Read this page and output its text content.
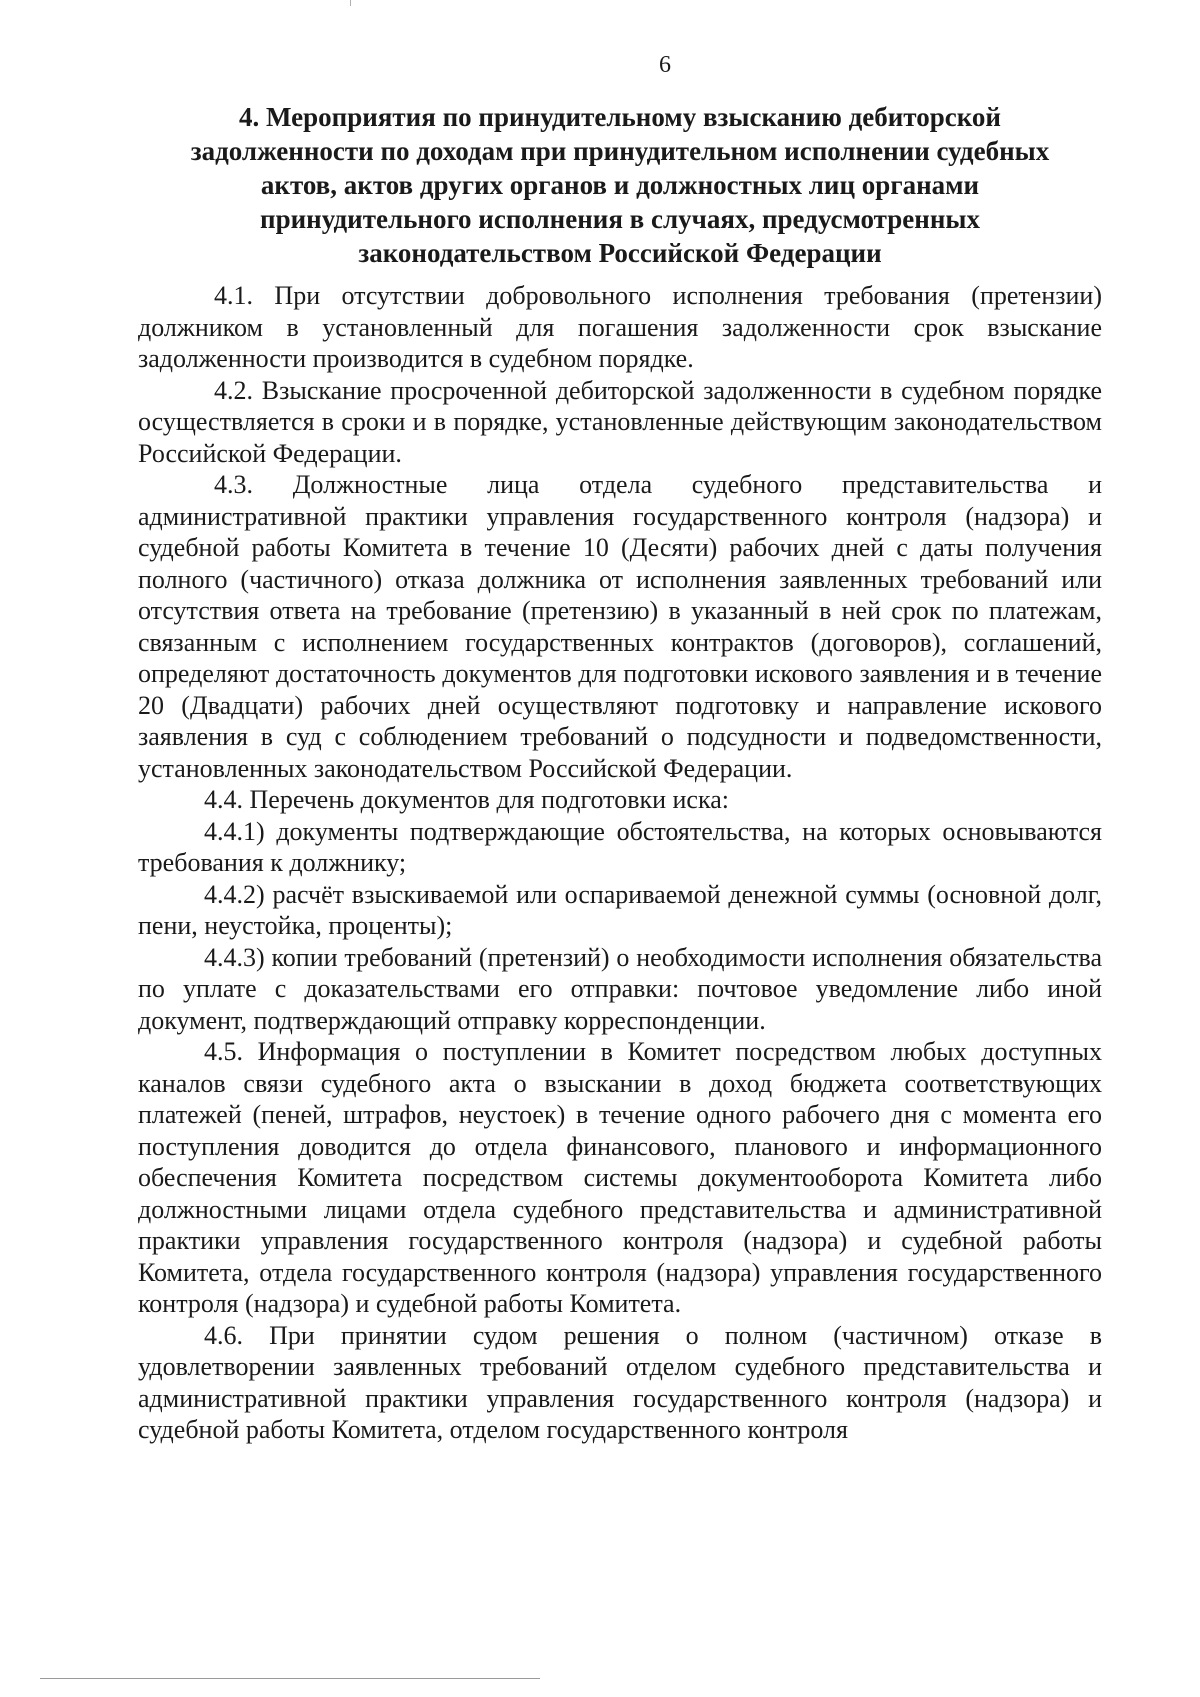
6
4. Мероприятия по принудительному взысканию дебиторской задолженности по доходам при принудительном исполнении судебных актов, актов других органов и должностных лиц органами принудительного исполнения в случаях, предусмотренных законодательством Российской Федерации

4.1. При отсутствии добровольного исполнения требования (претензии) должником в установленный для погашения задолженности срок взыскание задолженности производится в судебном порядке.

4.2. Взыскание просроченной дебиторской задолженности в судебном порядке осуществляется в сроки и в порядке, установленные действующим законодательством Российской Федерации.

4.3. Должностные лица отдела судебного представительства и административной практики управления государственного контроля (надзора) и судебной работы Комитета в течение 10 (Десяти) рабочих дней с даты получения полного (частичного) отказа должника от исполнения заявленных требований или отсутствия ответа на требование (претензию) в указанный в ней срок по платежам, связанным с исполнением государственных контрактов (договоров), соглашений, определяют достаточность документов для подготовки искового заявления и в течение 20 (Двадцати) рабочих дней осуществляют подготовку и направление искового заявления в суд с соблюдением требований о подсудности и подведомственности, установленных законодательством Российской Федерации.

4.4. Перечень документов для подготовки иска:

4.4.1) документы подтверждающие обстоятельства, на которых основываются требования к должнику;

4.4.2) расчёт взыскиваемой или оспариваемой денежной суммы (основной долг, пени, неустойка, проценты);

4.4.3) копии требований (претензий) о необходимости исполнения обязательства по уплате с доказательствами его отправки: почтовое уведомление либо иной документ, подтверждающий отправку корреспонденции.

4.5. Информация о поступлении в Комитет посредством любых доступных каналов связи судебного акта о взыскании в доход бюджета соответствующих платежей (пеней, штрафов, неустоек) в течение одного рабочего дня с момента его поступления доводится до отдела финансового, планового и информационного обеспечения Комитета посредством системы документооборота Комитета либо должностными лицами отдела судебного представительства и административной практики управления государственного контроля (надзора) и судебной работы Комитета, отдела государственного контроля (надзора) управления государственного контроля (надзора) и судебной работы Комитета.

4.6. При принятии судом решения о полном (частичном) отказе в удовлетворении заявленных требований отделом судебного представительства и административной практики управления государственного контроля (надзора) и судебной работы Комитета, отделом государственного контроля
